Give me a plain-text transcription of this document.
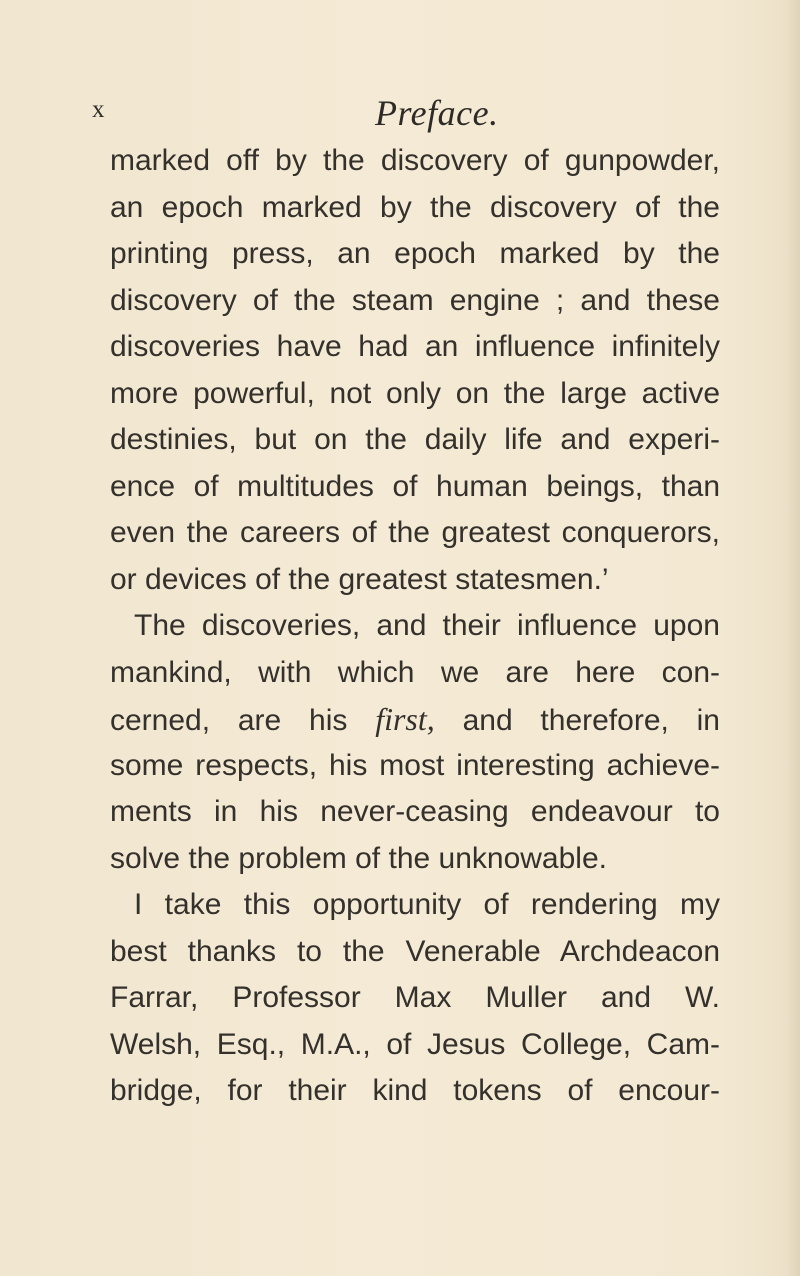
x	Preface.
marked off by the discovery of gunpowder,
an epoch marked by the discovery of the
printing press, an epoch marked by the
discovery of the steam engine ; and these
discoveries have had an influence infinitely
more powerful, not only on the large active
destinies, but on the daily life and experi-
ence of multitudes of human beings, than
even the careers of the greatest conquerors,
or devices of the greatest statesmen.’
The discoveries, and their influence upon
mankind, with which we are here con-
cerned, are his first, and therefore, in
some respects, his most interesting achieve-
ments in his never-ceasing endeavour to
solve the problem of the unknowable.
I take this opportunity of rendering my
best thanks to the Venerable Archdeacon
Farrar, Professor Max Muller and W.
Welsh, Esq., M.A., of Jesus College, Cam-
bridge, for their kind tokens of encour-
